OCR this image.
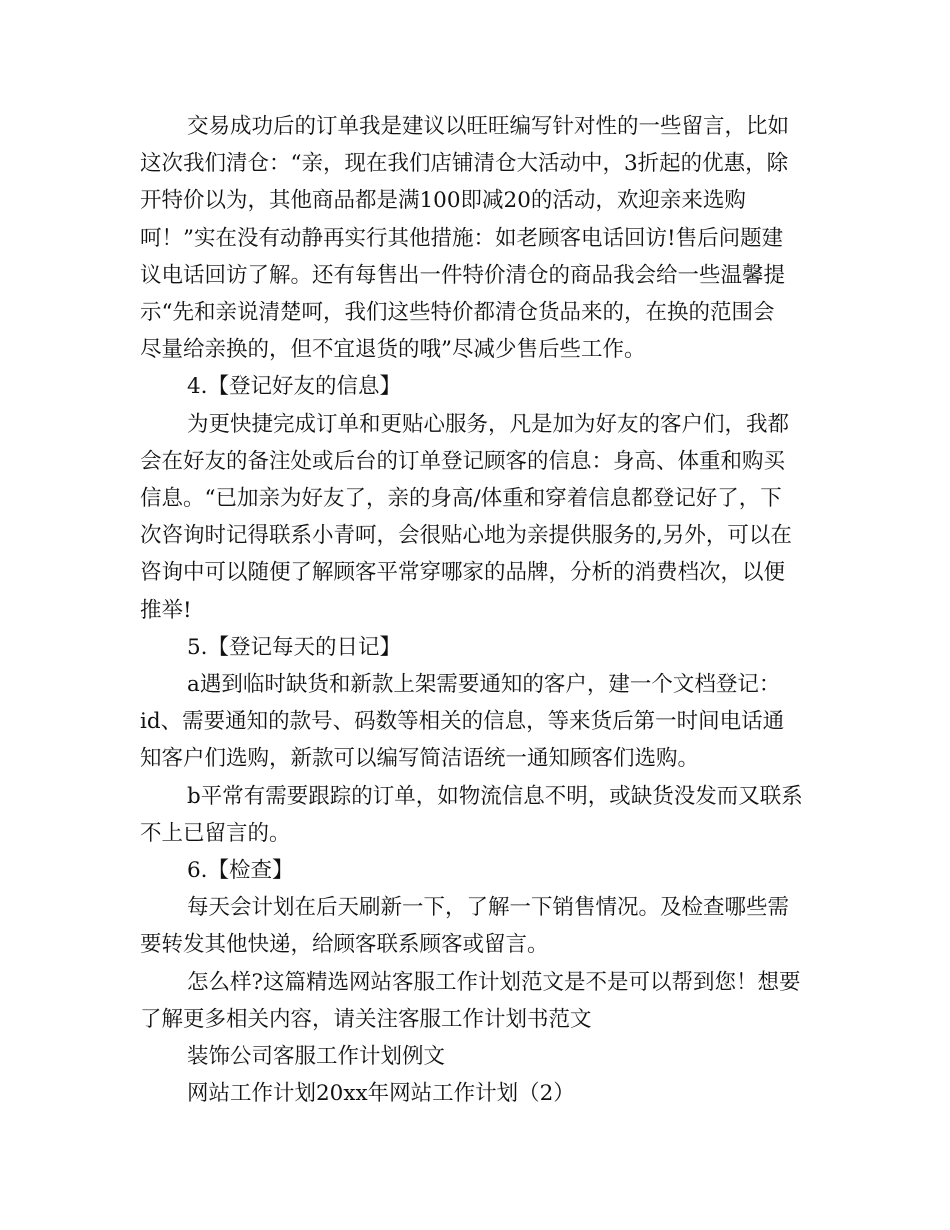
交易成功后的订单我是建议以旺旺编写针对性的一些留言，比如
这次我们清仓：“亲，现在我们店铺清仓大活动中，3折起的优惠，除
开特价以为，其他商品都是满100即减20的活动，欢迎亲来选购
呵！”实在没有动静再实行其他措施：如老顾客电话回访!售后问题建
议电话回访了解。还有每售出一件特价清仓的商品我会给一些温馨提
示“先和亲说清楚呵，我们这些特价都清仓货品来的，在换的范围会
尽量给亲换的，但不宜退货的哦”尽减少售后些工作。

4.【登记好友的信息】

为更快捷完成订单和更贴心服务，凡是加为好友的客户们，我都
会在好友的备注处或后台的订单登记顾客的信息：身高、体重和购买
信息。“已加亲为好友了，亲的身高/体重和穿着信息都登记好了，下
次咨询时记得联系小青呵，会很贴心地为亲提供服务的,另外，可以在
咨询中可以随便了解顾客平常穿哪家的品牌，分析的消费档次，以便
推举!

5.【登记每天的日记】

a遇到临时缺货和新款上架需要通知的客户，建一个文档登记：
id、需要通知的款号、码数等相关的信息，等来货后第一时间电话通
知客户们选购，新款可以编写简洁语统一通知顾客们选购。

b平常有需要跟踪的订单，如物流信息不明，或缺货没发而又联系
不上已留言的。

6.【检查】

每天会计划在后天刷新一下，了解一下销售情况。及检查哪些需
要转发其他快递，给顾客联系顾客或留言。

怎么样?这篇精选网站客服工作计划范文是不是可以帮到您！想要
了解更多相关内容，请关注客服工作计划书范文

装饰公司客服工作计划例文

网站工作计划20xx年网站工作计划（2）
